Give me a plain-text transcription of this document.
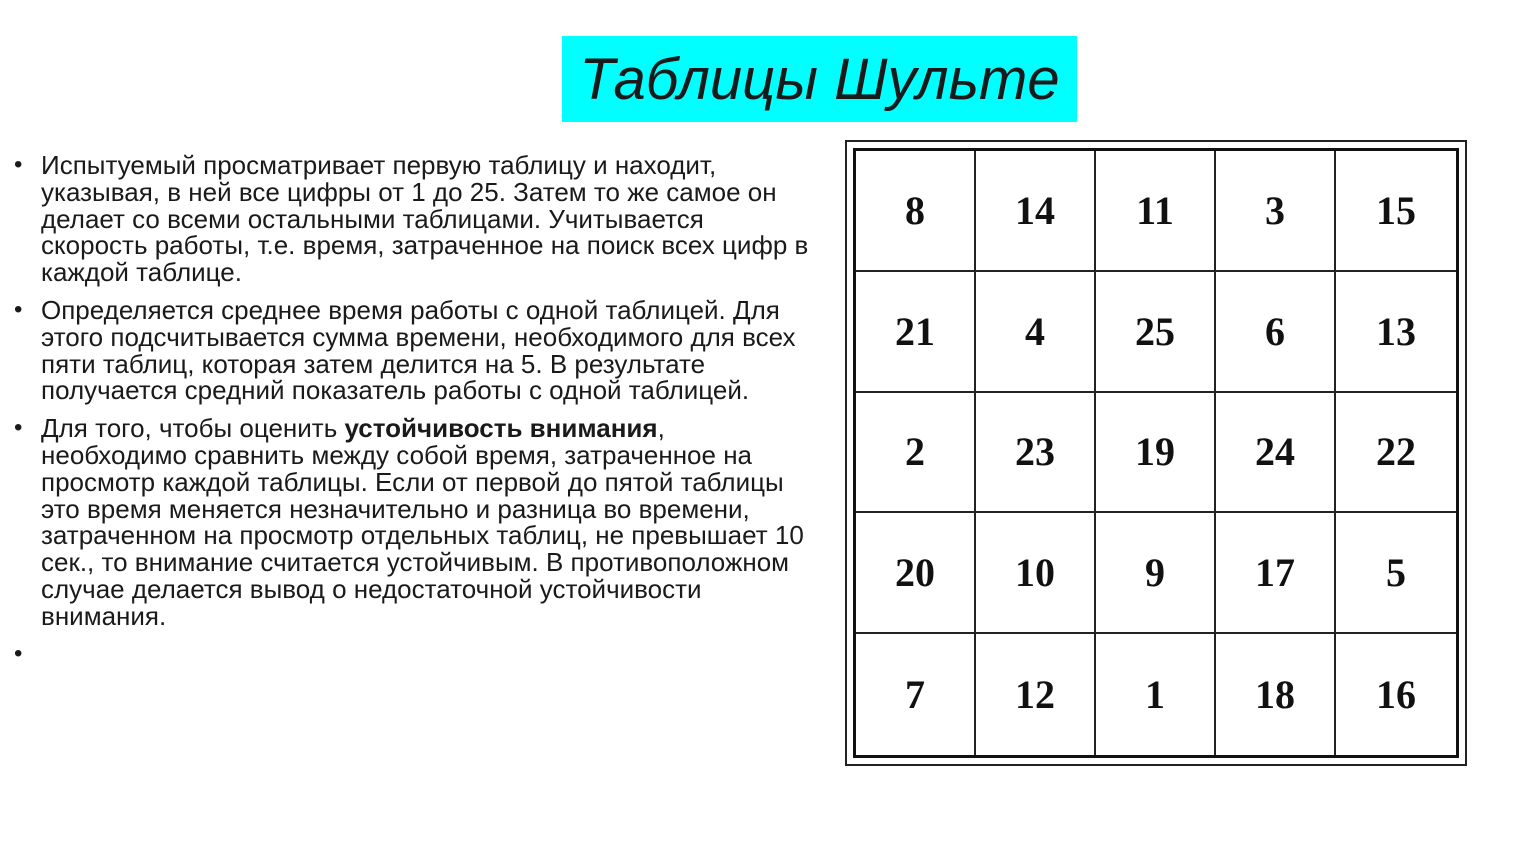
Таблицы Шульте
• Испытуемый просматривает первую таблицу и находит, указывая, в ней все цифры от 1 до 25. Затем то же самое он делает со всеми остальными таблицами. Учитывается скорость работы, т.е. время, затраченное на поиск всех цифр в каждой таблице.
• Определяется среднее время работы с одной таблицей. Для этого подсчитывается сумма времени, необходимого для всех пяти таблиц, которая затем делится на 5. В результате получается средний показатель работы с одной таблицей.
• Для того, чтобы оценить устойчивость внимания, необходимо сравнить между собой время, затраченное на просмотр каждой таблицы. Если от первой до пятой таблицы это время меняется незначительно и разница во времени, затраченном на просмотр отдельных таблиц, не превышает 10 сек., то внимание считается устойчивым. В противоположном случае делается вывод о недостаточной устойчивости внимания.
•
8	14	11	3	15
21	4	25	6	13
2	23	19	24	22
20	10	9	17	5
7	12	1	18	16
